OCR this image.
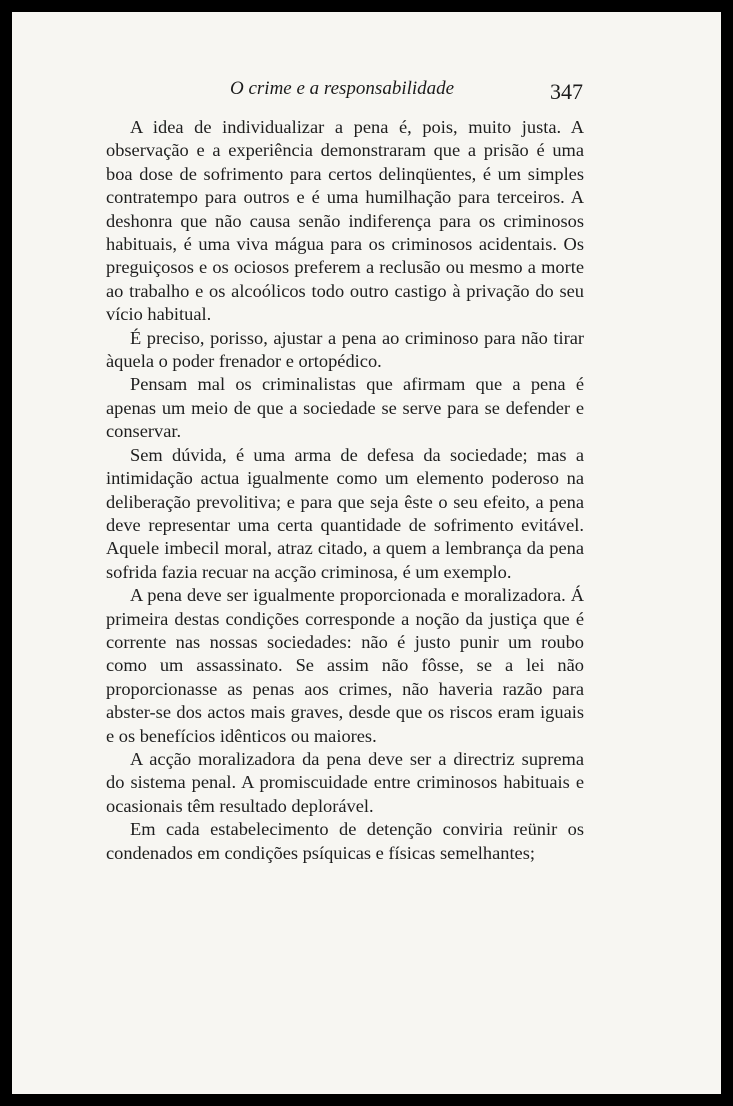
O crime e a responsabilidade	347

A idea de individualizar a pena é, pois, muito justa. A observação e a experiência demonstraram que a prisão é uma boa dose de sofrimento para certos delinqüentes, é um simples contratempo para outros e é uma humilhação para terceiros. A deshonra que não causa senão indiferença para os criminosos habituais, é uma viva mágua para os criminosos acidentais. Os preguiçosos e os ociosos preferem a reclusão ou mesmo a morte ao trabalho e os alcoólicos todo outro castigo à privação do seu vício habitual.

É preciso, porisso, ajustar a pena ao criminoso para não tirar àquela o poder frenador e ortopédico.

Pensam mal os criminalistas que afirmam que a pena é apenas um meio de que a sociedade se serve para se defender e conservar.

Sem dúvida, é uma arma de defesa da sociedade; mas a intimidação actua igualmente como um elemento poderoso na deliberação prevolitiva; e para que seja êste o seu efeito, a pena deve representar uma certa quantidade de sofrimento evitável. Aquele imbecil moral, atraz citado, a quem a lembrança da pena sofrida fazia recuar na acção criminosa, é um exemplo.

A pena deve ser igualmente proporcionada e moralizadora. Á primeira destas condições corresponde a noção da justiça que é corrente nas nossas sociedades: não é justo punir um roubo como um assassinato. Se assim não fôsse, se a lei não proporcionasse as penas aos crimes, não haveria razão para abster-se dos actos mais graves, desde que os riscos eram iguais e os benefícios idênticos ou maiores.

A acção moralizadora da pena deve ser a directriz suprema do sistema penal. A promiscuidade entre criminosos habituais e ocasionais têm resultado deplorável.

Em cada estabelecimento de detenção conviria reünir os condenados em condições psíquicas e físicas semelhantes;
